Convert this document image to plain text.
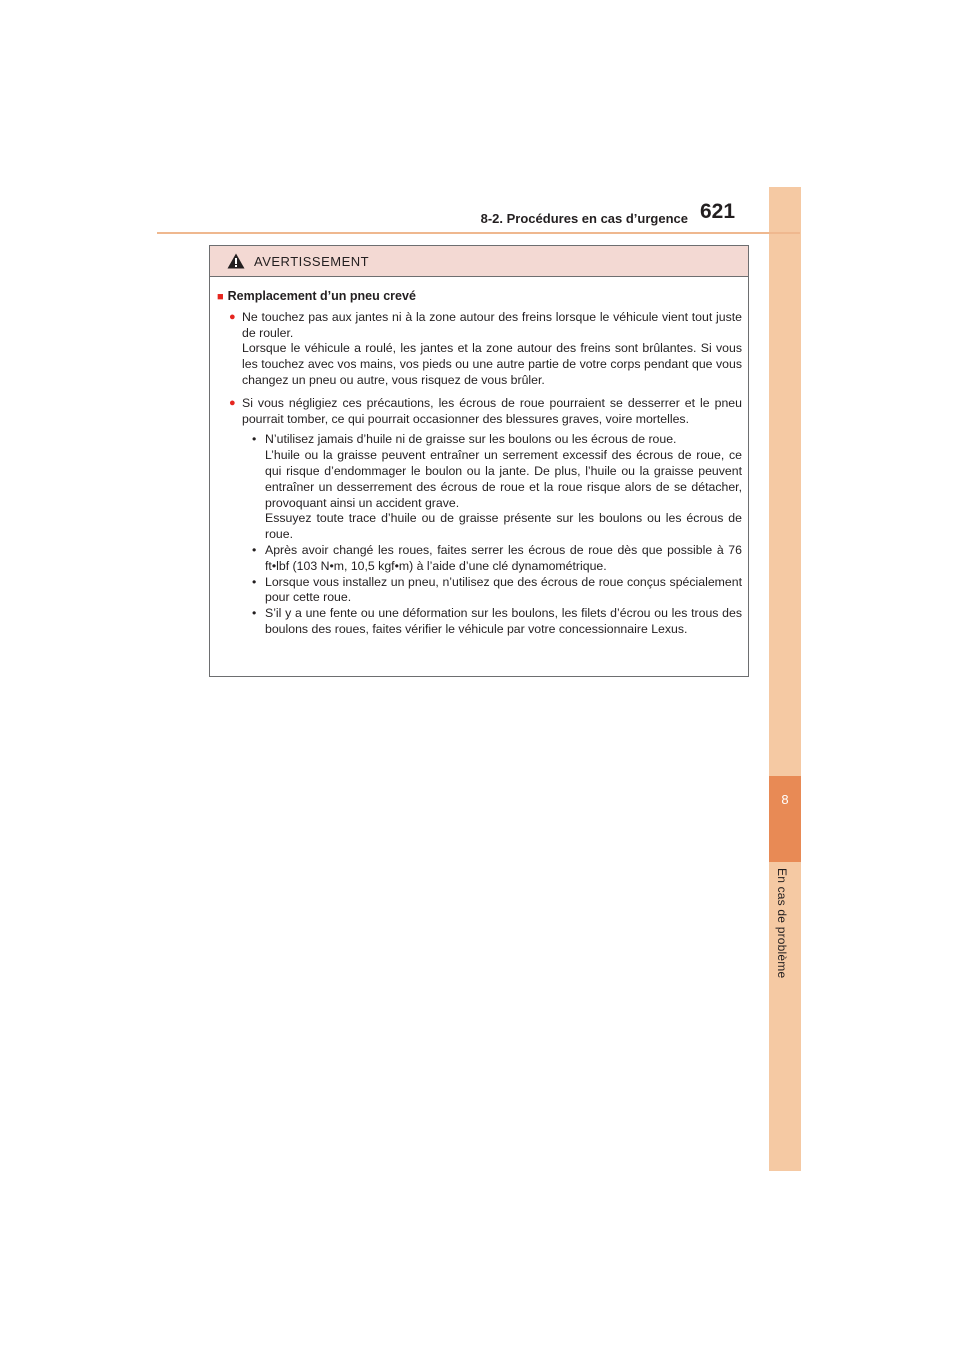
8
En cas de problème
8-2. Procédures en cas d’urgence 621
AVERTISSEMENT
■ Remplacement d’un pneu crevé
● Ne touchez pas aux jantes ni à la zone autour des freins lorsque le véhicule vient tout juste de rouler.

Lorsque le véhicule a roulé, les jantes et la zone autour des freins sont brûlantes. Si vous les touchez avec vos mains, vos pieds ou une autre partie de votre corps pendant que vous changez un pneu ou autre, vous risquez de vous brûler.

● Si vous négligiez ces précautions, les écrous de roue pourraient se desserrer et le pneu pourrait tomber, ce qui pourrait occasionner des blessures graves, voire mortelles.

• N’utilisez jamais d’huile ni de graisse sur les boulons ou les écrous de roue.

L’huile ou la graisse peuvent entraîner un serrement excessif des écrous de roue, ce qui risque d’endommager le boulon ou la jante. De plus, l’huile ou la graisse peuvent entraîner un desserrement des écrous de roue et la roue risque alors de se détacher, provoquant ainsi un accident grave.

Essuyez toute trace d’huile ou de graisse présente sur les boulons ou les écrous de roue.

• Après avoir changé les roues, faites serrer les écrous de roue dès que possible à 76 ft•lbf (103 N•m, 10,5 kgf•m) à l’aide d’une clé dynamométrique.

• Lorsque vous installez un pneu, n’utilisez que des écrous de roue conçus spécialement pour cette roue.

• S’il y a une fente ou une déformation sur les boulons, les filets d’écrou ou les trous des boulons des roues, faites vérifier le véhicule par votre concessionnaire Lexus.
